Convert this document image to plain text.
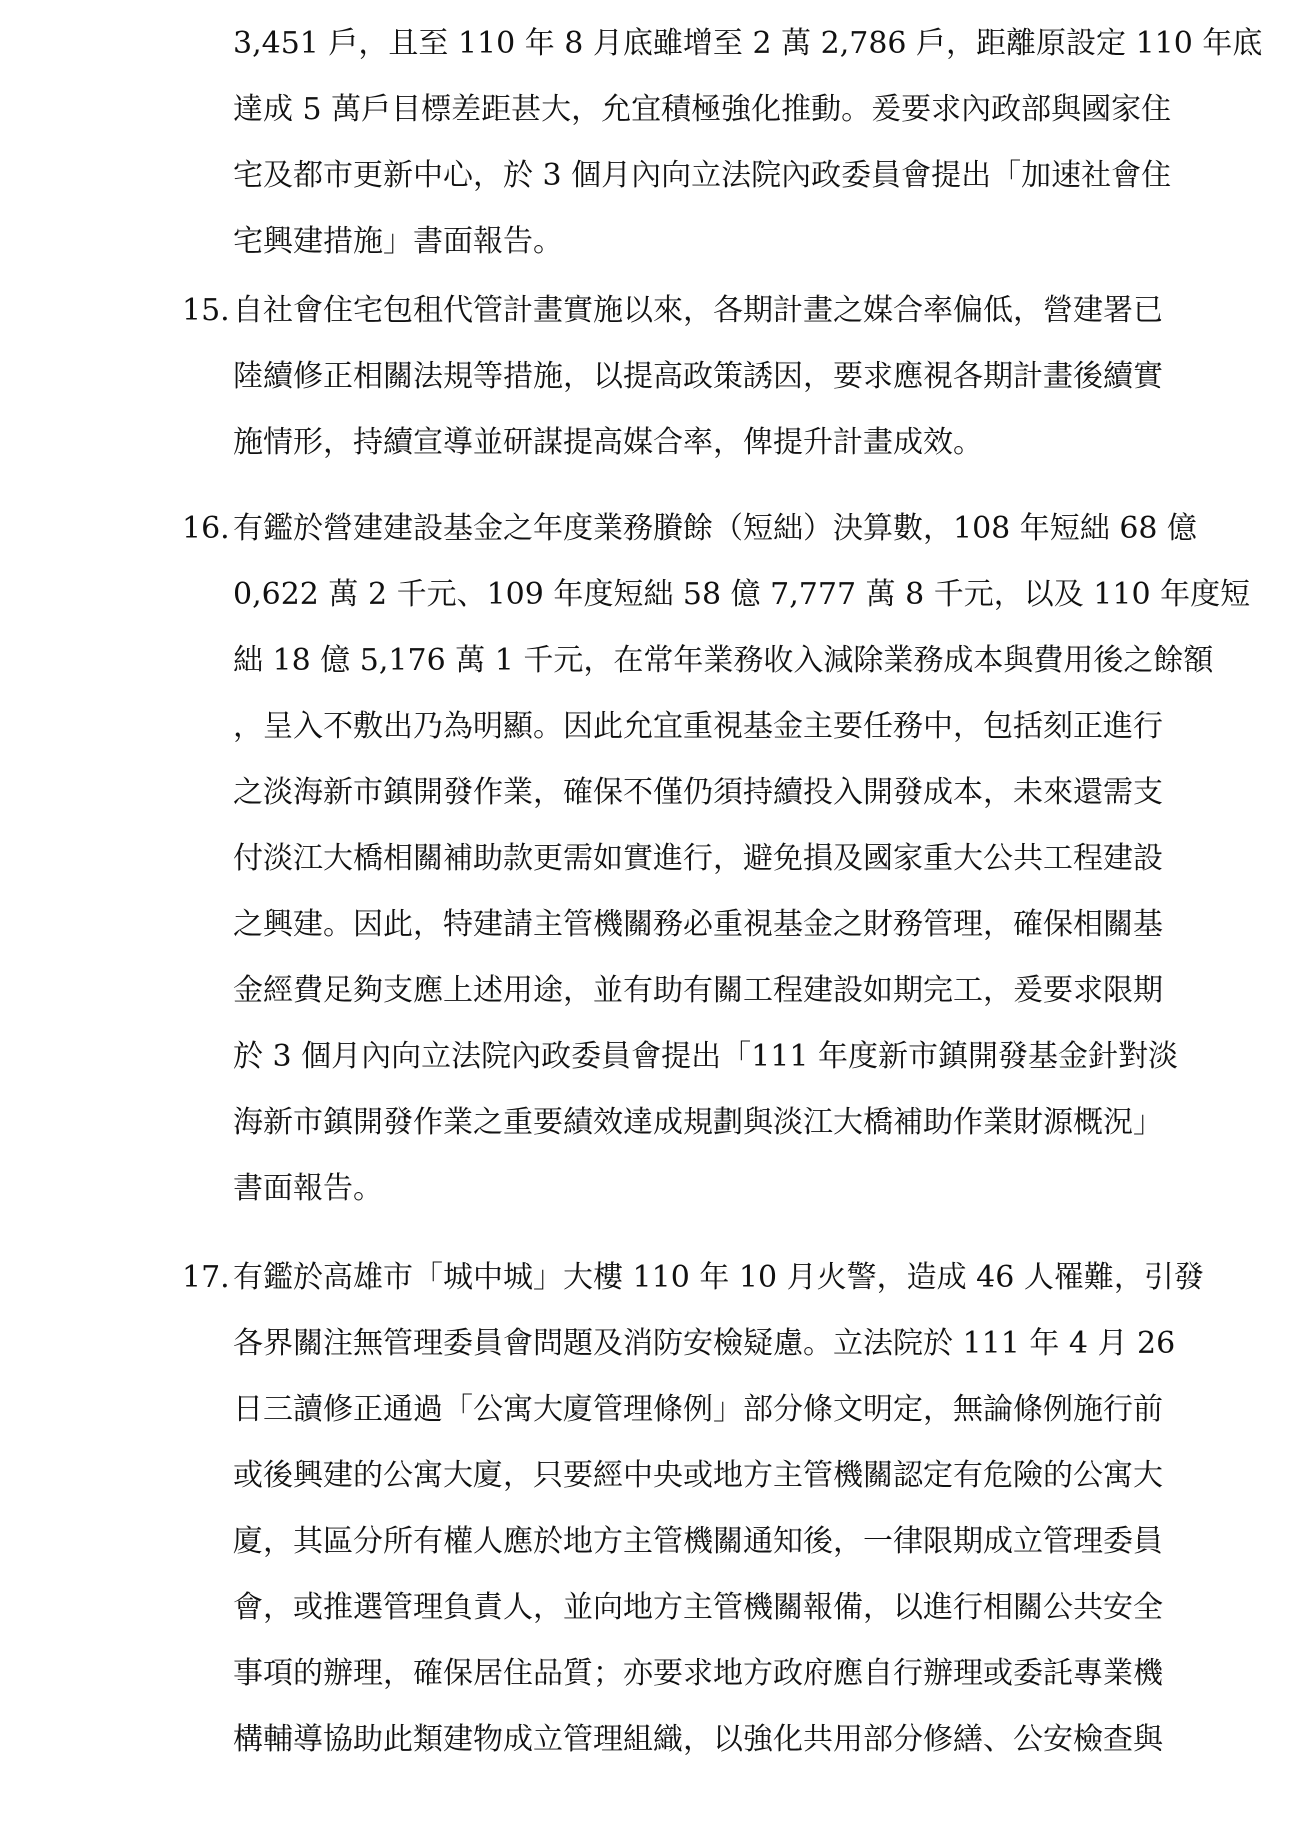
3,451 戶，且至 110 年 8 月底雖增至 2 萬 2,786 戶，距離原設定 110 年底
達成 5 萬戶目標差距甚大，允宜積極強化推動。爰要求內政部與國家住
宅及都市更新中心，於 3 個月內向立法院內政委員會提出「加速社會住
宅興建措施」書面報告。
15. 自社會住宅包租代管計畫實施以來，各期計畫之媒合率偏低，營建署已
陸續修正相關法規等措施，以提高政策誘因，要求應視各期計畫後續實
施情形，持續宣導並研謀提高媒合率，俾提升計畫成效。
16. 有鑑於營建建設基金之年度業務賸餘（短絀）決算數，108 年短絀 68 億
0,622 萬 2 千元、109 年度短絀 58 億 7,777 萬 8 千元，以及 110 年度短
絀 18 億 5,176 萬 1 千元，在常年業務收入減除業務成本與費用後之餘額
，呈入不敷出乃為明顯。因此允宜重視基金主要任務中，包括刻正進行
之淡海新市鎮開發作業，確保不僅仍須持續投入開發成本，未來還需支
付淡江大橋相關補助款更需如實進行，避免損及國家重大公共工程建設
之興建。因此，特建請主管機關務必重視基金之財務管理，確保相關基
金經費足夠支應上述用途，並有助有關工程建設如期完工，爰要求限期
於 3 個月內向立法院內政委員會提出「111 年度新市鎮開發基金針對淡
海新市鎮開發作業之重要績效達成規劃與淡江大橋補助作業財源概況」
書面報告。
17. 有鑑於高雄市「城中城」大樓 110 年 10 月火警，造成 46 人罹難，引發
各界關注無管理委員會問題及消防安檢疑慮。立法院於 111 年 4 月 26
日三讀修正通過「公寓大廈管理條例」部分條文明定，無論條例施行前
或後興建的公寓大廈，只要經中央或地方主管機關認定有危險的公寓大
廈，其區分所有權人應於地方主管機關通知後，一律限期成立管理委員
會，或推選管理負責人，並向地方主管機關報備，以進行相關公共安全
事項的辦理，確保居住品質；亦要求地方政府應自行辦理或委託專業機
構輔導協助此類建物成立管理組織，以強化共用部分修繕、公安檢查與
